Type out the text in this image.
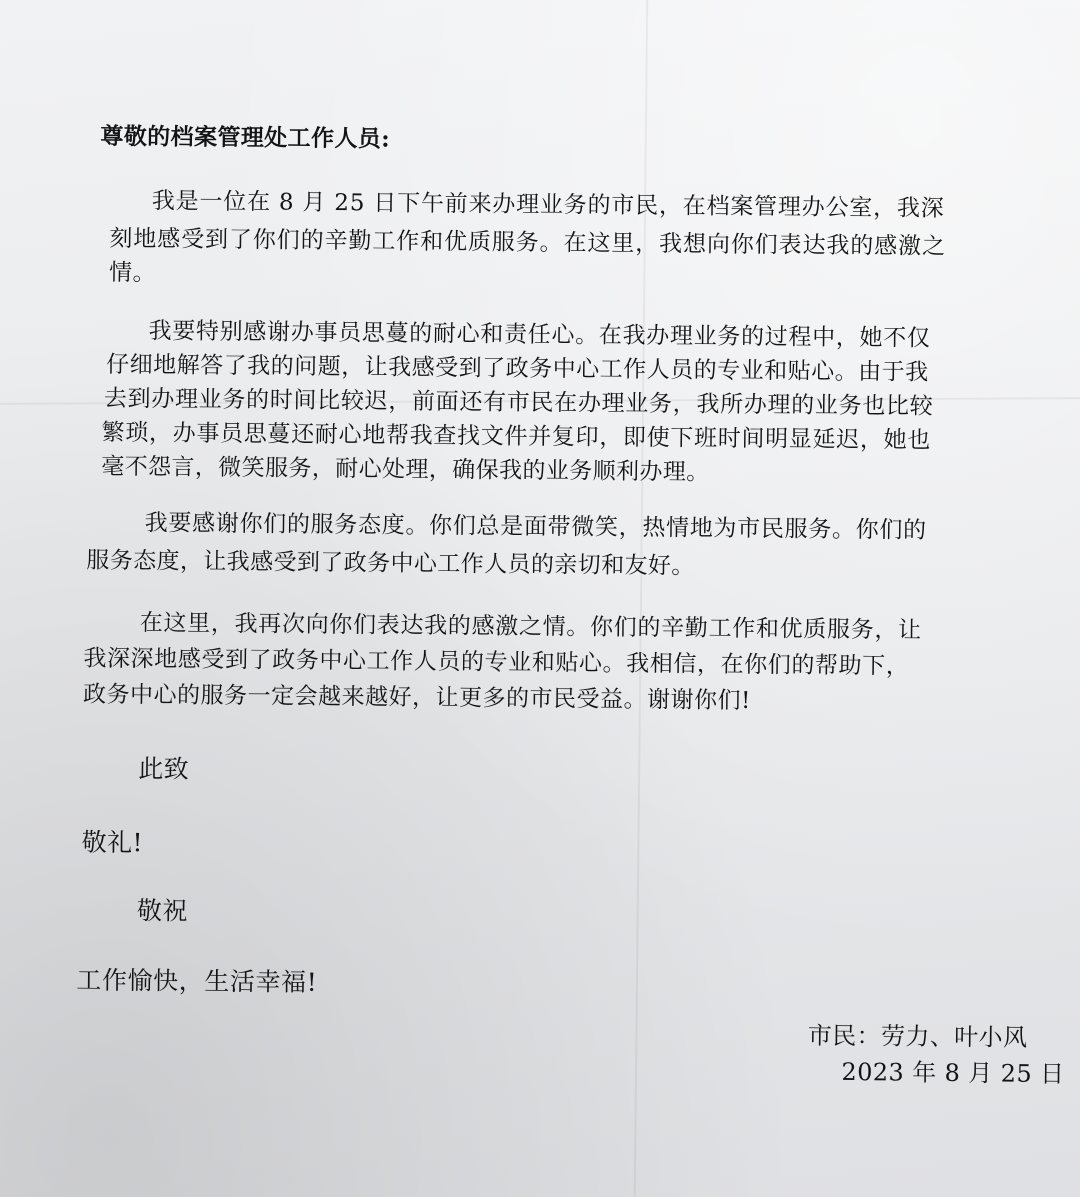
尊敬的档案管理处工作人员:
我是一位在 8 月 25 日下午前来办理业务的市民，在档案管理办公室，我深
刻地感受到了你们的辛勤工作和优质服务。在这里，我想向你们表达我的感激之
情。
我要特别感谢办事员思蔓的耐心和责任心。在我办理业务的过程中，她不仅
仔细地解答了我的问题，让我感受到了政务中心工作人员的专业和贴心。由于我
去到办理业务的时间比较迟，前面还有市民在办理业务，我所办理的业务也比较
繁琐，办事员思蔓还耐心地帮我查找文件并复印，即使下班时间明显延迟，她也
毫不怨言，微笑服务，耐心处理，确保我的业务顺利办理。
我要感谢你们的服务态度。你们总是面带微笑，热情地为市民服务。你们的
服务态度，让我感受到了政务中心工作人员的亲切和友好。
在这里，我再次向你们表达我的感激之情。你们的辛勤工作和优质服务，让
我深深地感受到了政务中心工作人员的专业和贴心。我相信，在你们的帮助下，
政务中心的服务一定会越来越好，让更多的市民受益。谢谢你们!
此致
敬礼!
敬祝
工作愉快，生活幸福!
市民：劳力、叶小风
2023 年 8 月 25 日
